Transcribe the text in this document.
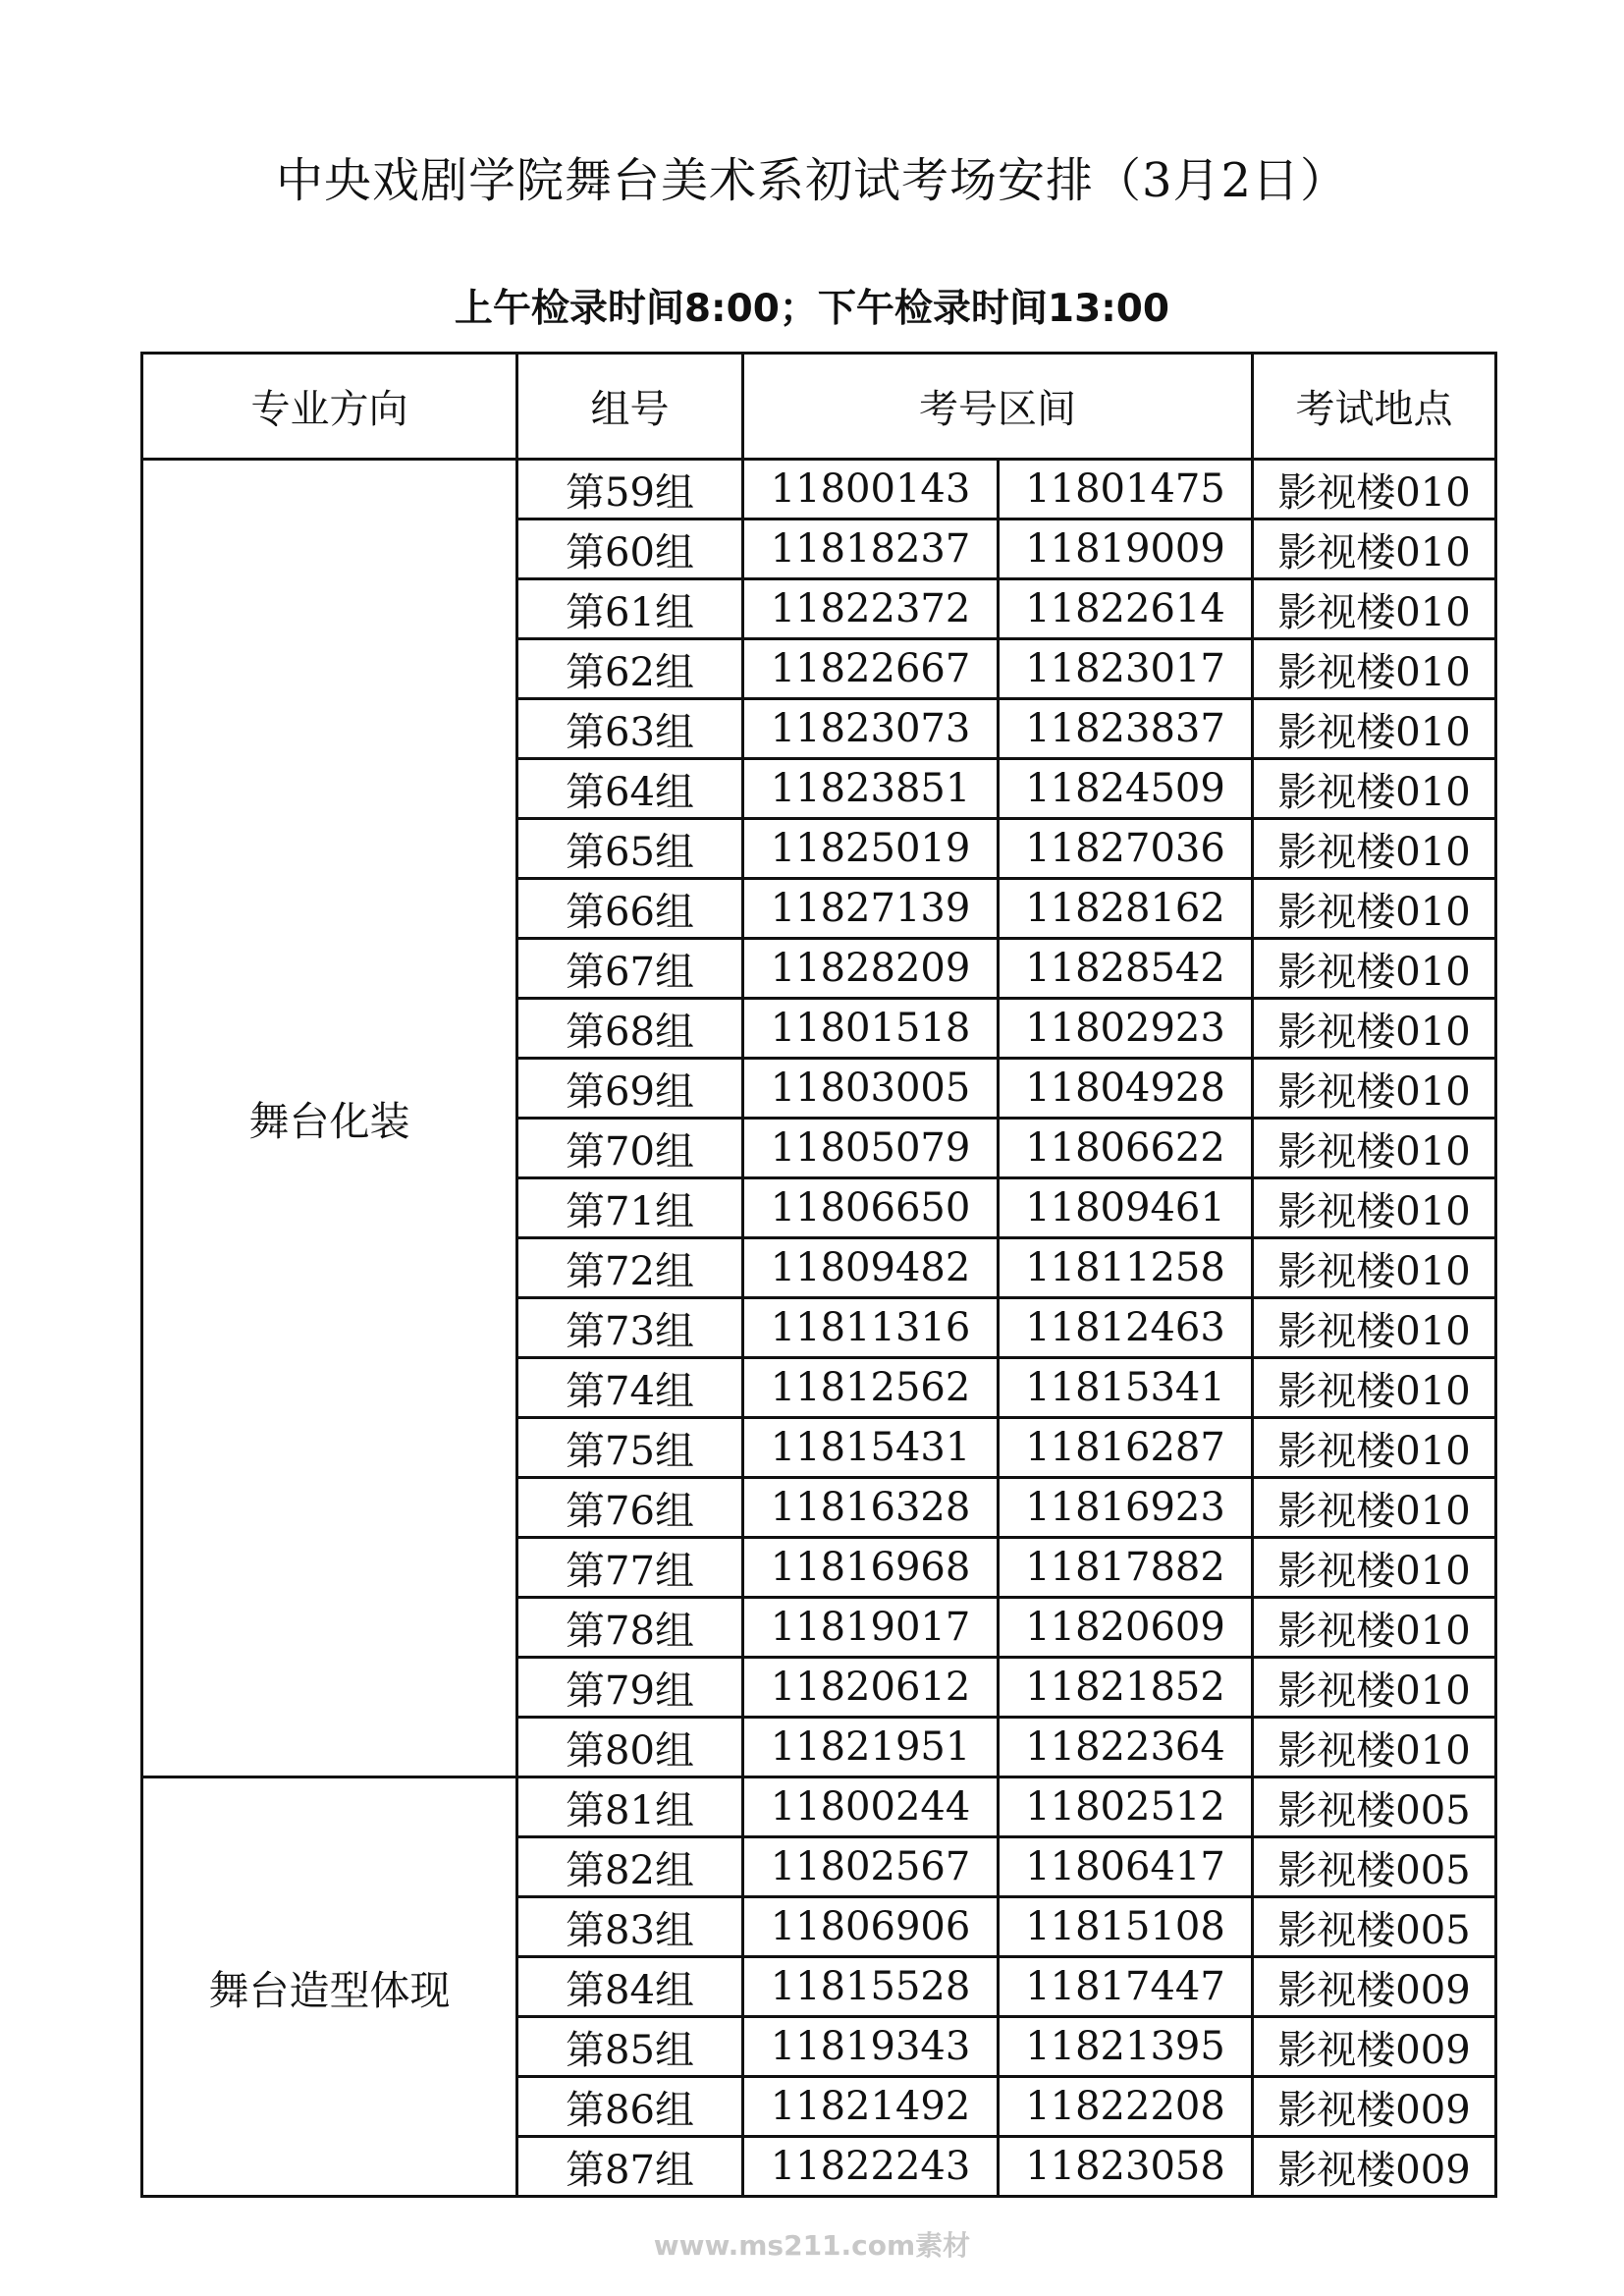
中央戏剧学院舞台美术系初试考场安排（3月2日）
上午检录时间8:00；下午检录时间13:00
专业方向	组号	考号区间		考试地点
舞台化装	第59组	11800143	11801475	影视楼010
	第60组	11818237	11819009	影视楼010
	第61组	11822372	11822614	影视楼010
	第62组	11822667	11823017	影视楼010
	第63组	11823073	11823837	影视楼010
	第64组	11823851	11824509	影视楼010
	第65组	11825019	11827036	影视楼010
	第66组	11827139	11828162	影视楼010
	第67组	11828209	11828542	影视楼010
	第68组	11801518	11802923	影视楼010
	第69组	11803005	11804928	影视楼010
	第70组	11805079	11806622	影视楼010
	第71组	11806650	11809461	影视楼010
	第72组	11809482	11811258	影视楼010
	第73组	11811316	11812463	影视楼010
	第74组	11812562	11815341	影视楼010
	第75组	11815431	11816287	影视楼010
	第76组	11816328	11816923	影视楼010
	第77组	11816968	11817882	影视楼010
	第78组	11819017	11820609	影视楼010
	第79组	11820612	11821852	影视楼010
	第80组	11821951	11822364	影视楼010
舞台造型体现	第81组	11800244	11802512	影视楼005
	第82组	11802567	11806417	影视楼005
	第83组	11806906	11815108	影视楼005
	第84组	11815528	11817447	影视楼009
	第85组	11819343	11821395	影视楼009
	第86组	11821492	11822208	影视楼009
	第87组	11822243	11823058	影视楼009
www.ms211.com素材
